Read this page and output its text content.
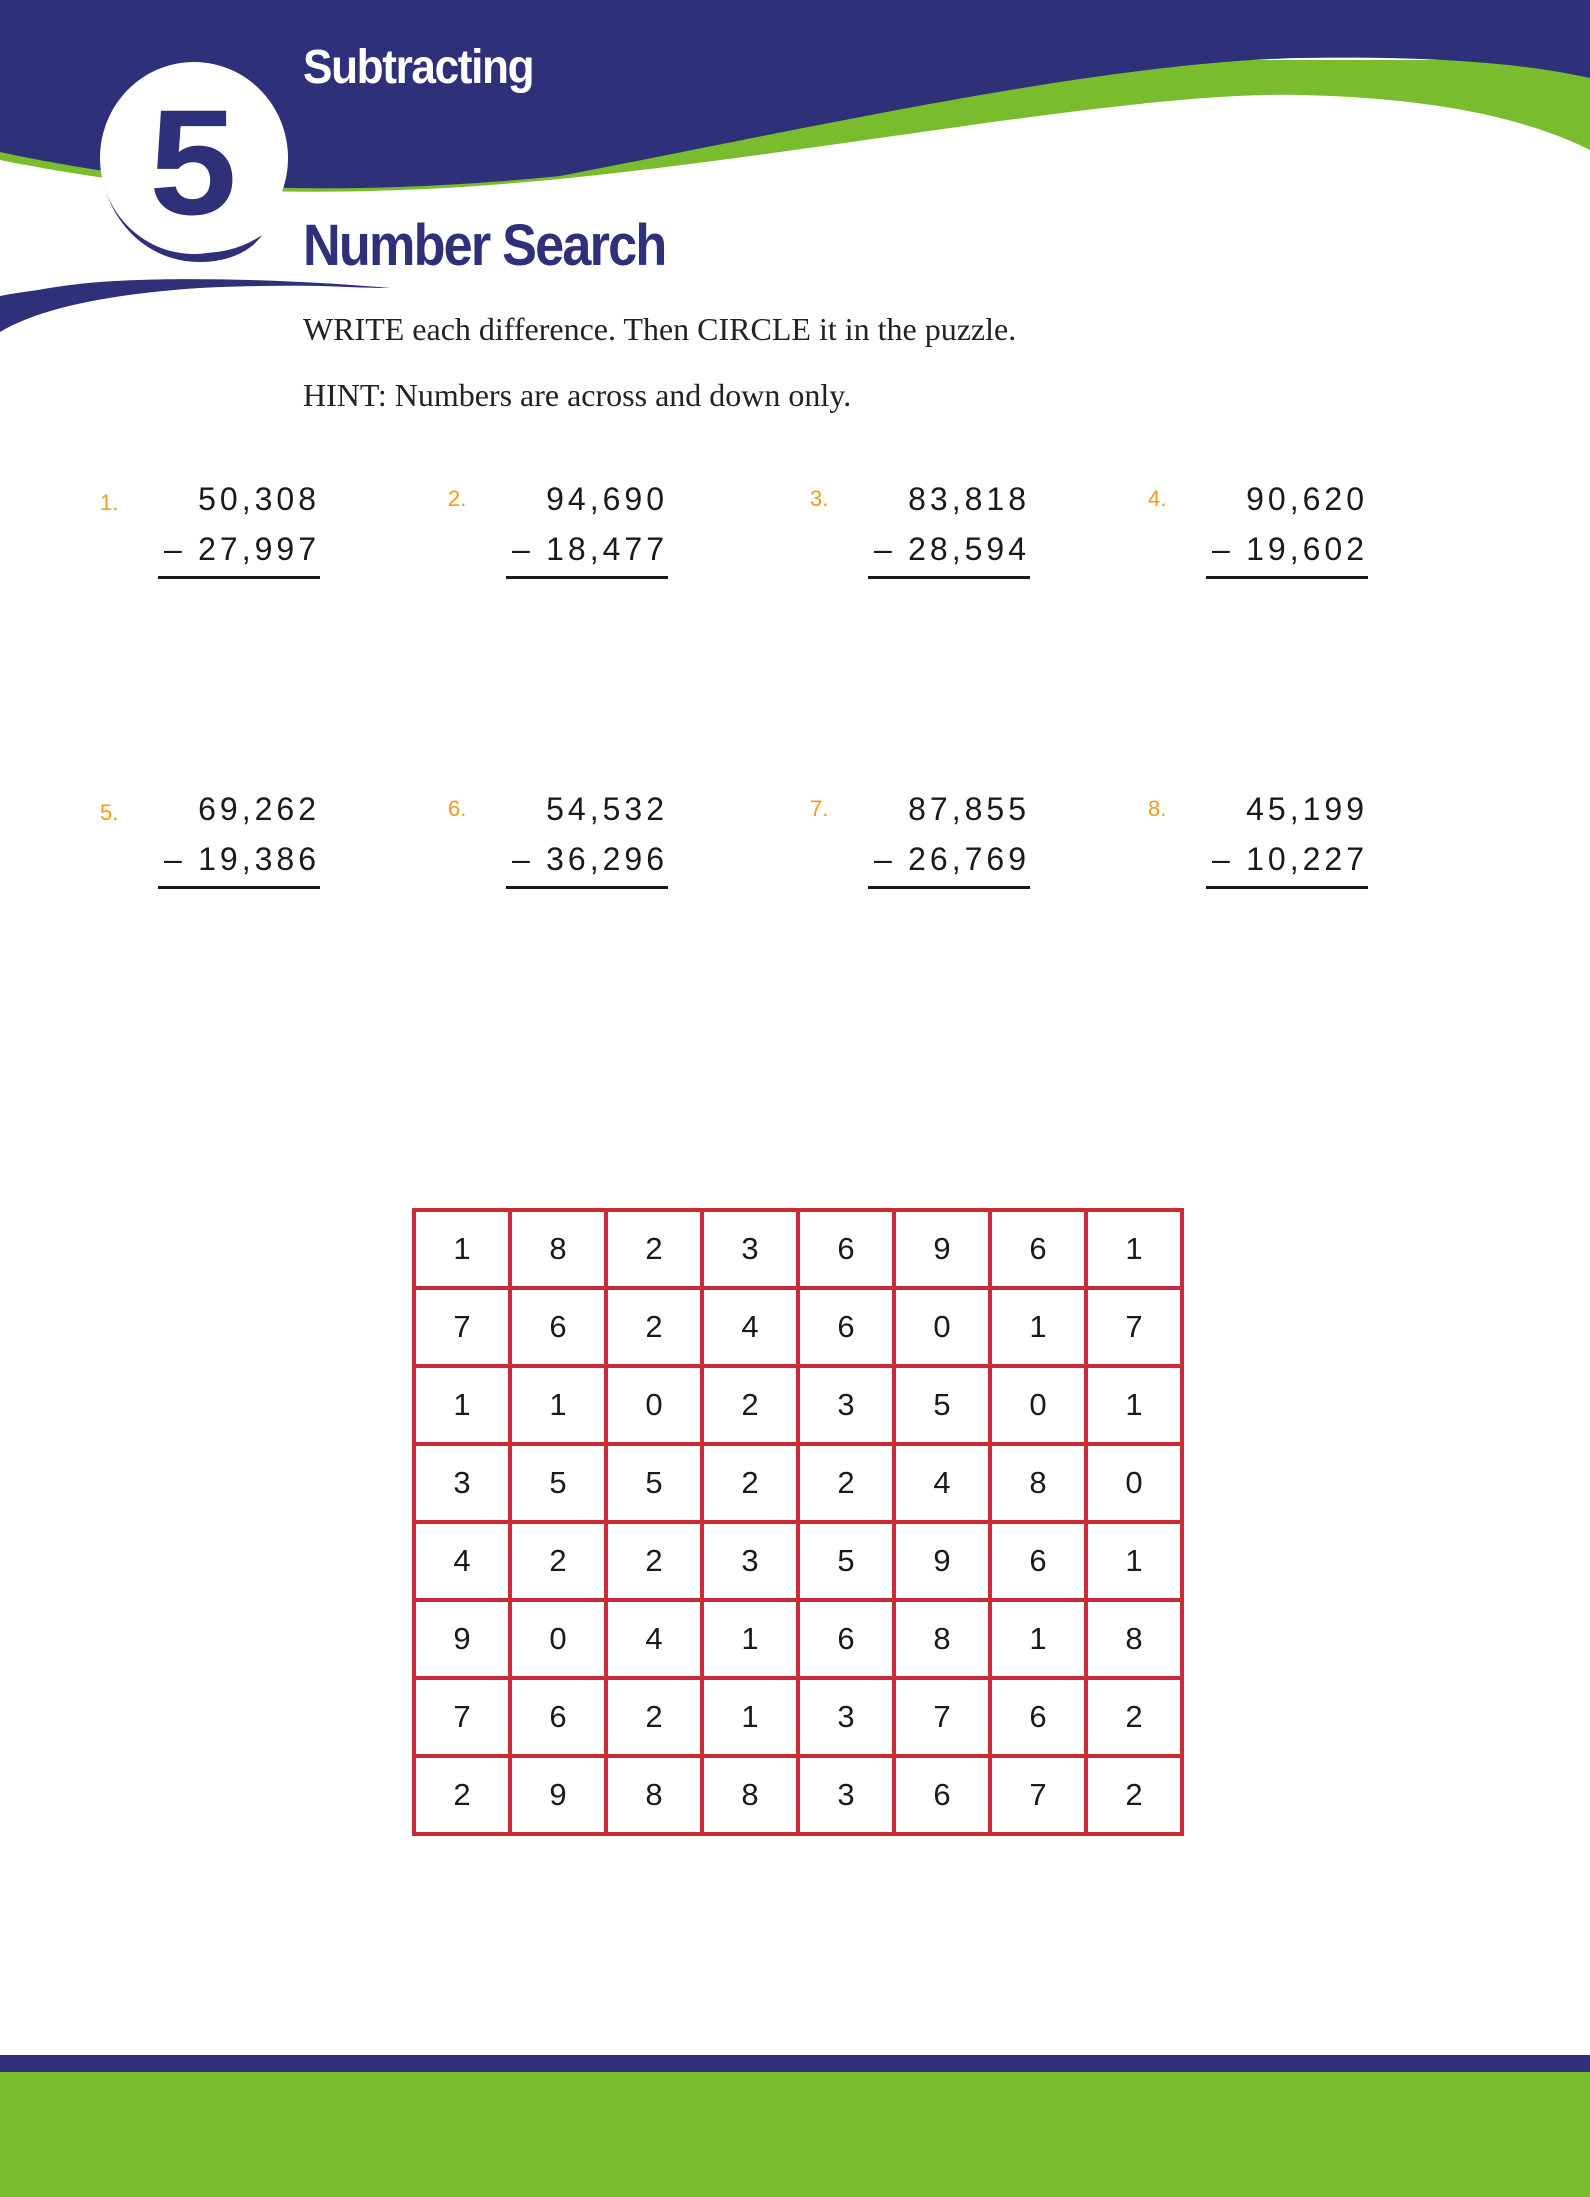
5
Subtracting
Number Search

WRITE each difference. Then CIRCLE it in the puzzle.

HINT: Numbers are across and down only.

1.	50,308
– 27,997
2.	94,690
– 18,477
3.	83,818
– 28,594
4.	90,620
– 19,602
5.	69,262
– 19,386
6.	54,532
– 36,296
7.	87,855
– 26,769
8.	45,199
– 10,227
1	8	2	3	6	9	6	1
7	6	2	4	6	0	1	7
1	1	0	2	3	5	0	1
3	5	5	2	2	4	8	0
4	2	2	3	5	9	6	1
9	0	4	1	6	8	1	8
7	6	2	1	3	7	6	2
2	9	8	8	3	6	7	2
